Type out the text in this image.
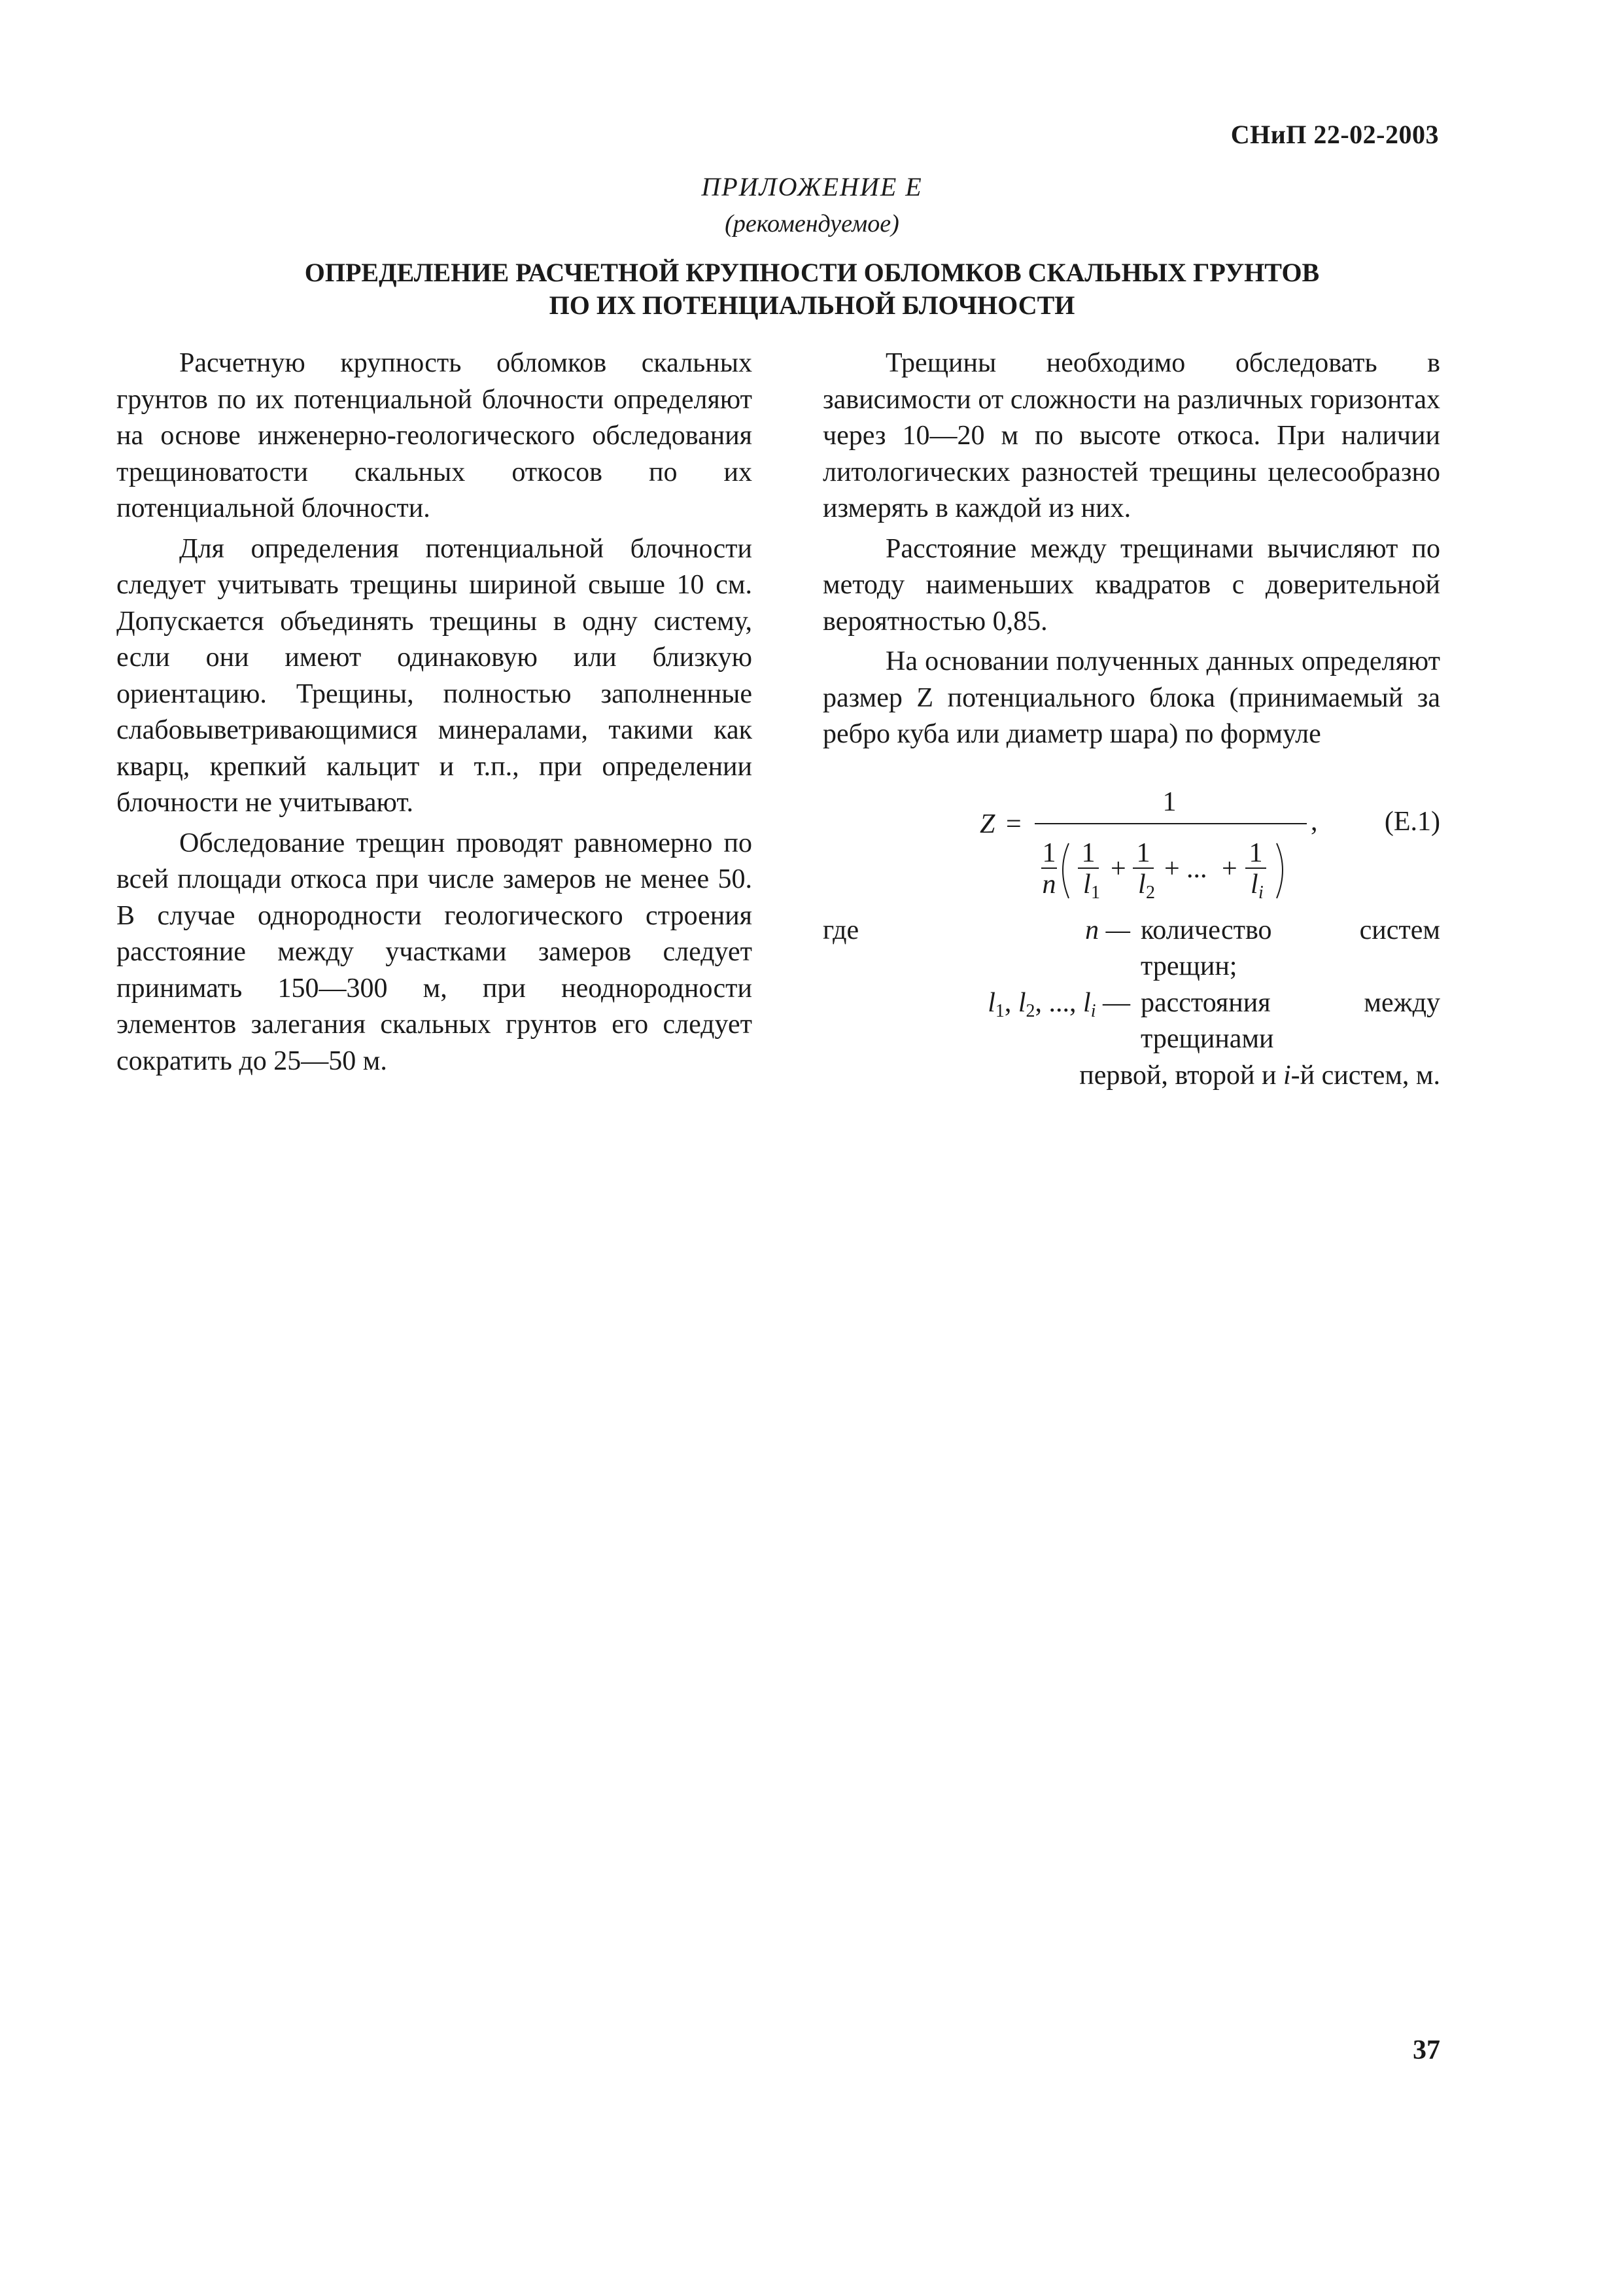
СНиП 22-02-2003
ПРИЛОЖЕНИЕ Е
(рекомендуемое)
ОПРЕДЕЛЕНИЕ РАСЧЕТНОЙ КРУПНОСТИ ОБЛОМКОВ СКАЛЬНЫХ ГРУНТОВ
ПО ИХ ПОТЕНЦИАЛЬНОЙ БЛОЧНОСТИ

Расчетную крупность обломков скальных грунтов по их потенциальной блочности определяют на основе инженерно-геологического обследования трещиноватости скальных откосов по их потенциальной блочности.

Для определения потенциальной блочности следует учитывать трещины шириной свыше 10 см. Допускается объединять трещины в одну систему, если они имеют одинаковую или близкую ориентацию. Трещины, полностью заполненные слабовыветривающимися минералами, такими как кварц, крепкий кальцит и т.п., при определении блочности не учитывают.

Обследование трещин проводят равномерно по всей площади откоса при числе замеров не менее 50. В случае однородности геологического строения расстояние между участками замеров следует принимать 150—300 м, при неоднородности элементов залегания скальных грунтов его следует сократить до 25—50 м.

Трещины необходимо обследовать в зависимости от сложности на различных горизонтах через 10—20 м по высоте откоса. При наличии литологических разностей трещины целесообразно измерять в каждой из них.

Расстояние между трещинами вычисляют по методу наименьших квадратов с доверительной вероятностью 0,85.

На основании полученных данных определяют размер Z потенциального блока (принимаемый за ребро куба или диаметр шара) по формуле

Z =
1
,
1
n
1
l 1
+
1
l 2
+ ... +
1
l i
(Е.1)
где	n — количество систем трещин;
$l_1$, $l_2$, ..., $l_i$ — расстояния между трещинами
первой, второй и i-й систем, м.
37
